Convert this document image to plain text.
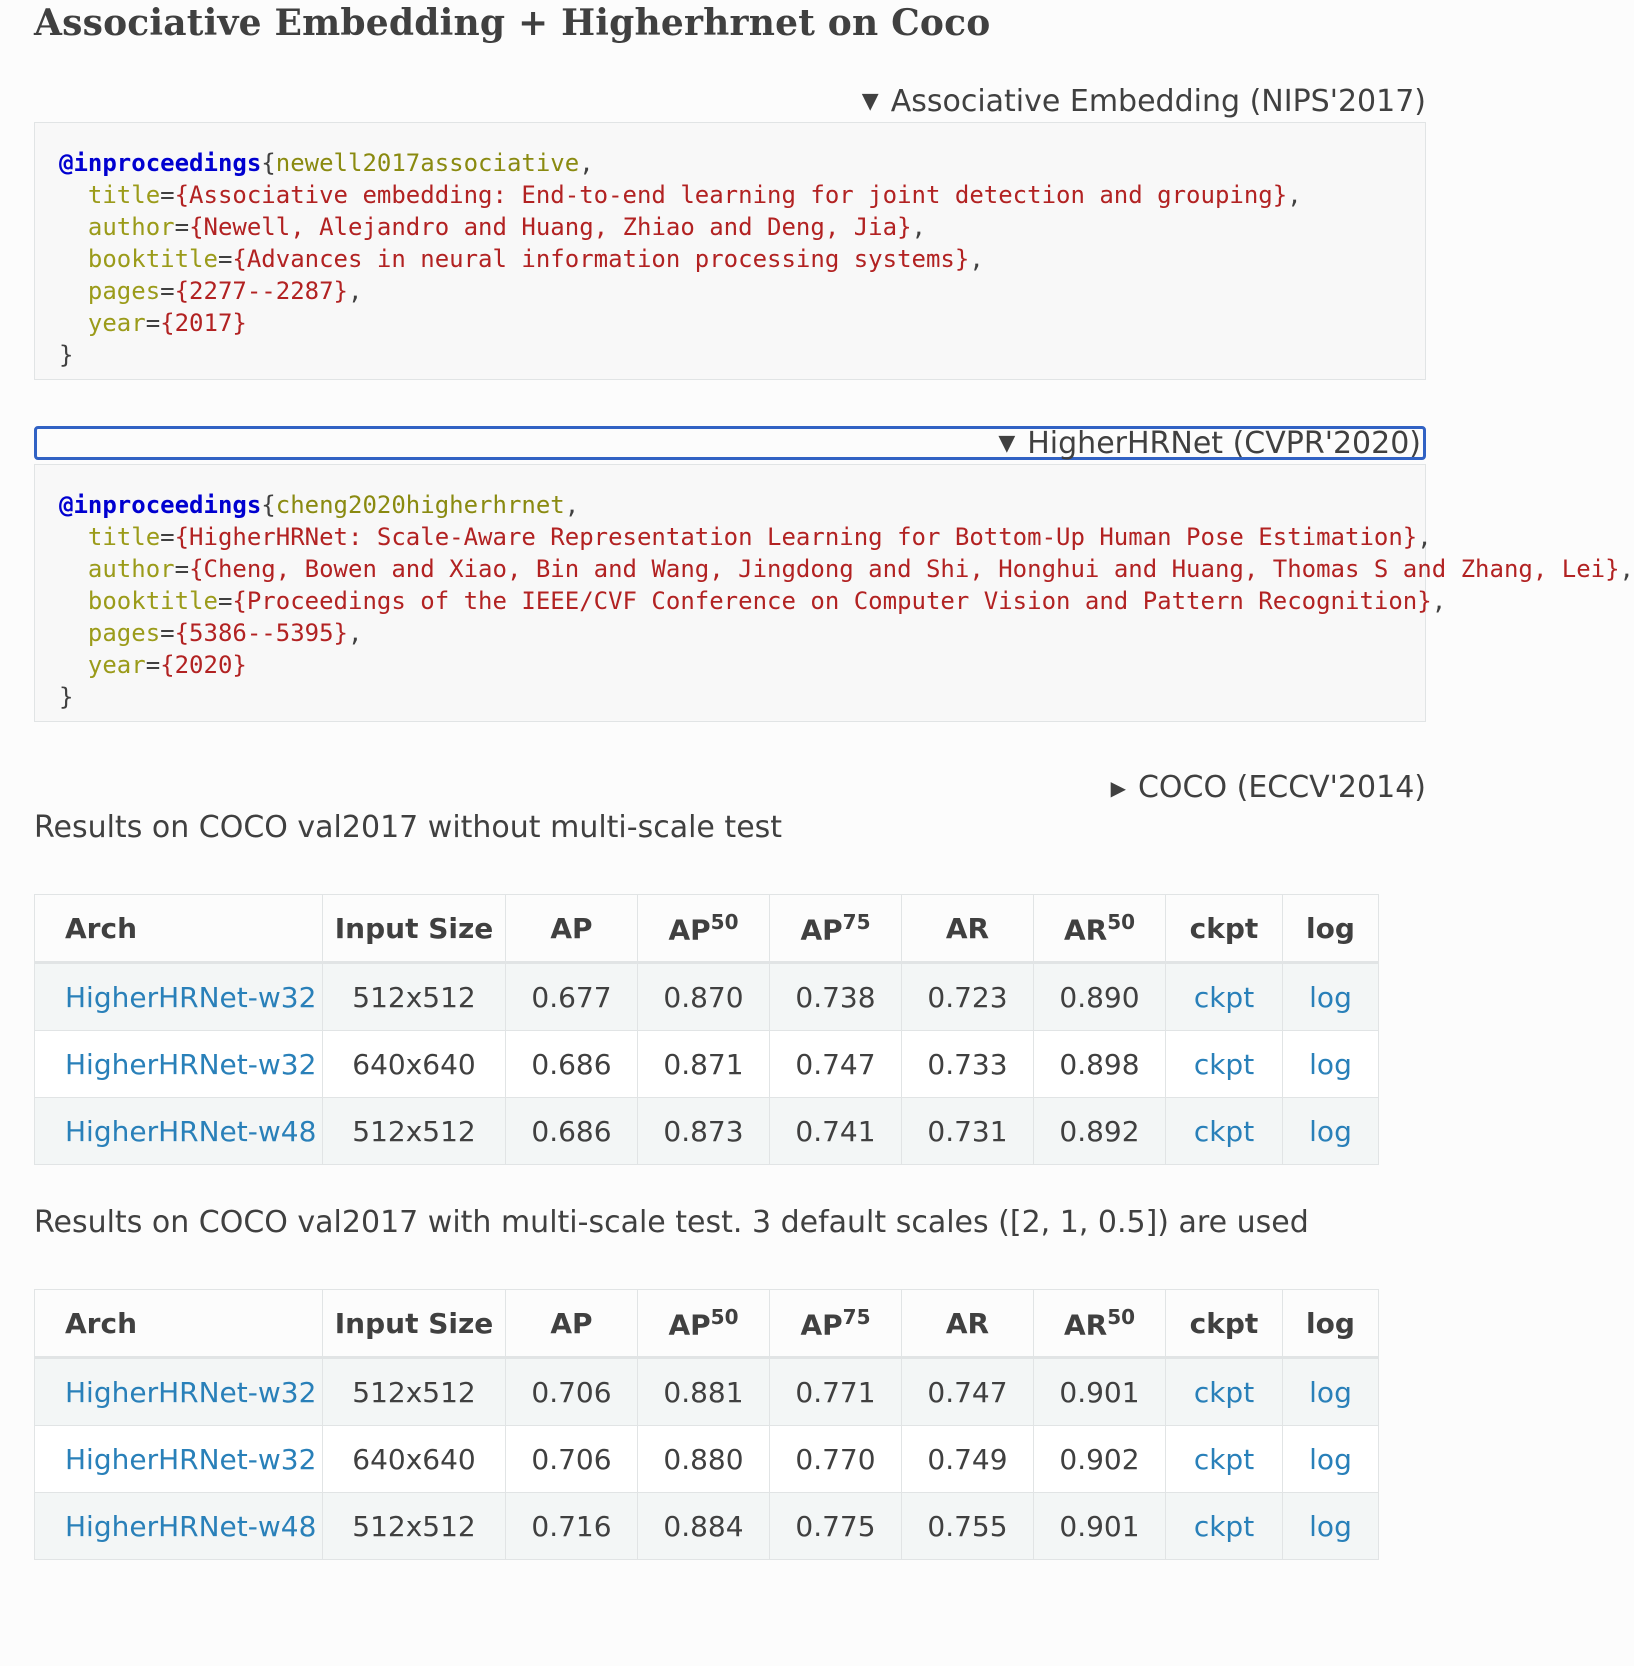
Associative Embedding + Higherhrnet on Coco
▼ Associative Embedding (NIPS'2017)
@inproceedings{newell2017associative,
title={Associative embedding: End-to-end learning for joint detection and grouping},
author={Newell, Alejandro and Huang, Zhiao and Deng, Jia},
booktitle={Advances in neural information processing systems},
pages={2277--2287},
year={2017}
}
▼ HigherHRNet (CVPR'2020)
@inproceedings{cheng2020higherhrnet,
title={HigherHRNet: Scale-Aware Representation Learning for Bottom-Up Human Pose Estimation},
author={Cheng, Bowen and Xiao, Bin and Wang, Jingdong and Shi, Honghui and Huang, Thomas S and Zhang, Lei},
booktitle={Proceedings of the IEEE/CVF Conference on Computer Vision and Pattern Recognition},
pages={5386--5395},
year={2020}
}
▶ COCO (ECCV'2014)

Results on COCO val2017 without multi-scale test

Arch	Input Size	AP	AP$^{50}$	AP$^{75}$	AR	AR$^{50}$	ckpt	log
HigherHRNet-w32	512x512	0.677	0.870	0.738	0.723	0.890	ckpt	log
HigherHRNet-w32	640x640	0.686	0.871	0.747	0.733	0.898	ckpt	log
HigherHRNet-w48	512x512	0.686	0.873	0.741	0.731	0.892	ckpt	log

Results on COCO val2017 with multi-scale test. 3 default scales ([2, 1, 0.5]) are used

Arch	Input Size	AP	AP$^{50}$	AP$^{75}$	AR	AR$^{50}$	ckpt	log
HigherHRNet-w32	512x512	0.706	0.881	0.771	0.747	0.901	ckpt	log
HigherHRNet-w32	640x640	0.706	0.880	0.770	0.749	0.902	ckpt	log
HigherHRNet-w48	512x512	0.716	0.884	0.775	0.755	0.901	ckpt	log
